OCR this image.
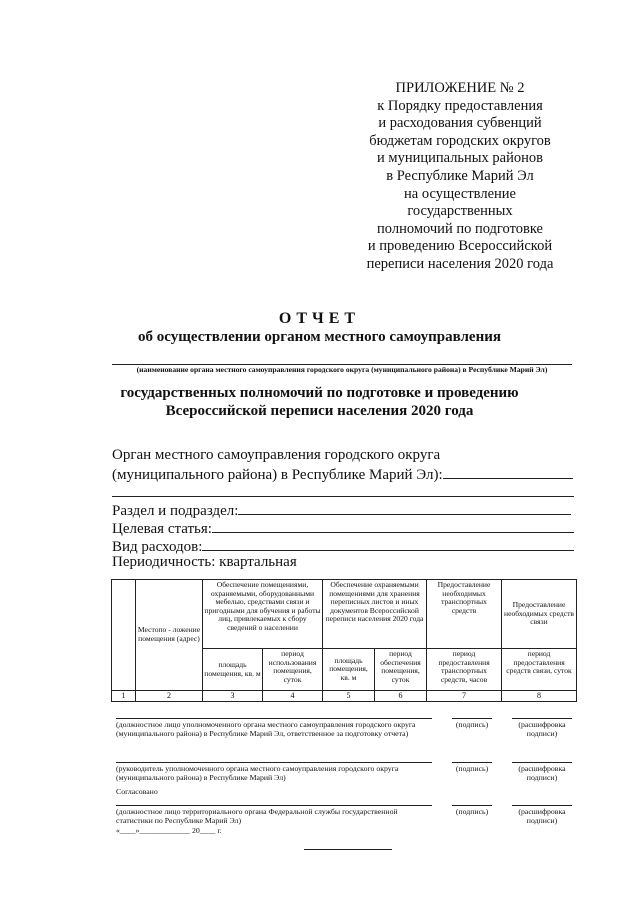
ПРИЛОЖЕНИЕ № 2
к Порядку предоставления
и расходования субвенций
бюджетам городских округов
и муниципальных районов
в Республике Марий Эл
на осуществление
государственных
полномочий по подготовке
и проведению Всероссийской
переписи населения 2020 года
ОТЧЕТ
об осуществлении органом местного самоуправления
(наименование органа местного самоуправления городского округа (муниципального района) в Республике Марий Эл)
государственных полномочий по подготовке и проведению
Всероссийской переписи населения 2020 года
Орган местного самоуправления городского округа
(муниципального района) в Республике Марий Эл):
Раздел и подраздел:
Целевая статья:
Вид расходов:
Периодичность: квартальная
	Местопо - ложение помещения (адрес)	Обеспечение помещениями, охраняемыми, оборудованными мебелью, средствами связи и пригодными для обучения и работы лиц, привлекаемых к сбору сведений о населении		Обеспечение охраняемыми помещениями для хранения переписных листов и иных документов Всероссийской переписи населения 2020 года		Предоставление необходимых транспортных средств	Предоставление необходимых средств связи
		площадь помещения, кв. м	период использования помещения, суток	площадь помещения, кв. м	период обеспечения помещения, суток	период предоставления транспортных средств, часов	период предоставления средств связи, суток
1	2	3	4	5	6	7	8
(должностное лицо уполномоченного органа местного самоуправления городского округа (муниципального района) в Республике Марий Эл, ответственное за подготовку отчета)
(подпись)	(расшифровка подписи)
(руководитель уполномоченного органа местного самоуправления городского округа (муниципального района) в Республике Марий Эл)
(подпись)	(расшифровка подписи)
Согласовано
(должностное лицо территориального органа Федеральной службы государственной статистики по Республике Марий Эл)
(подпись)	(расшифровка подписи)
«____»_____________ 20____ г.
